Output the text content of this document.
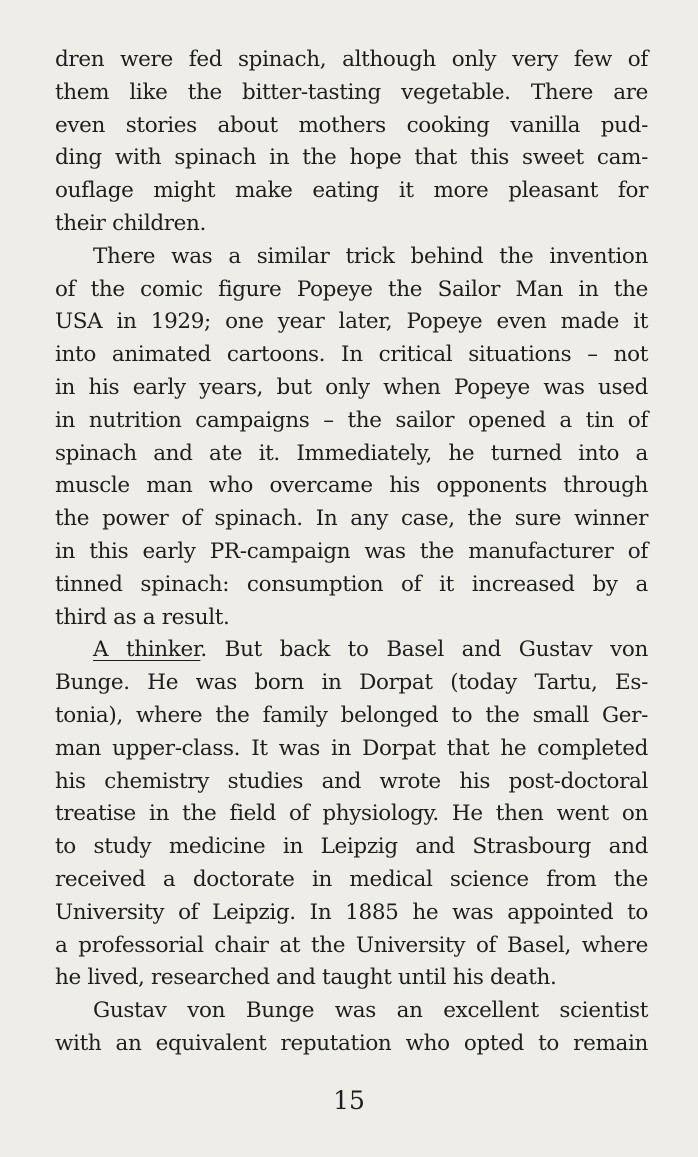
dren were fed spinach, although only very few of
them like the bitter-tasting vegetable. There are
even stories about mothers cooking vanilla pud-
ding with spinach in the hope that this sweet cam-
ouflage might make eating it more pleasant for
their children.
There was a similar trick behind the invention
of the comic figure Popeye the Sailor Man in the
USA in 1929; one year later, Popeye even made it
into animated cartoons. In critical situations – not
in his early years, but only when Popeye was used
in nutrition campaigns – the sailor opened a tin of
spinach and ate it. Immediately, he turned into a
muscle man who overcame his opponents through
the power of spinach. In any case, the sure winner
in this early PR-campaign was the manufacturer of
tinned spinach: consumption of it increased by a
third as a result.
A thinker. But back to Basel and Gustav von
Bunge. He was born in Dorpat (today Tartu, Es-
tonia), where the family belonged to the small Ger-
man upper-class. It was in Dorpat that he completed
his chemistry studies and wrote his post-doctoral
treatise in the field of physiology. He then went on
to study medicine in Leipzig and Strasbourg and
received a doctorate in medical science from the
University of Leipzig. In 1885 he was appointed to
a professorial chair at the University of Basel, where
he lived, researched and taught until his death.
Gustav von Bunge was an excellent scientist
with an equivalent reputation who opted to remain
15
